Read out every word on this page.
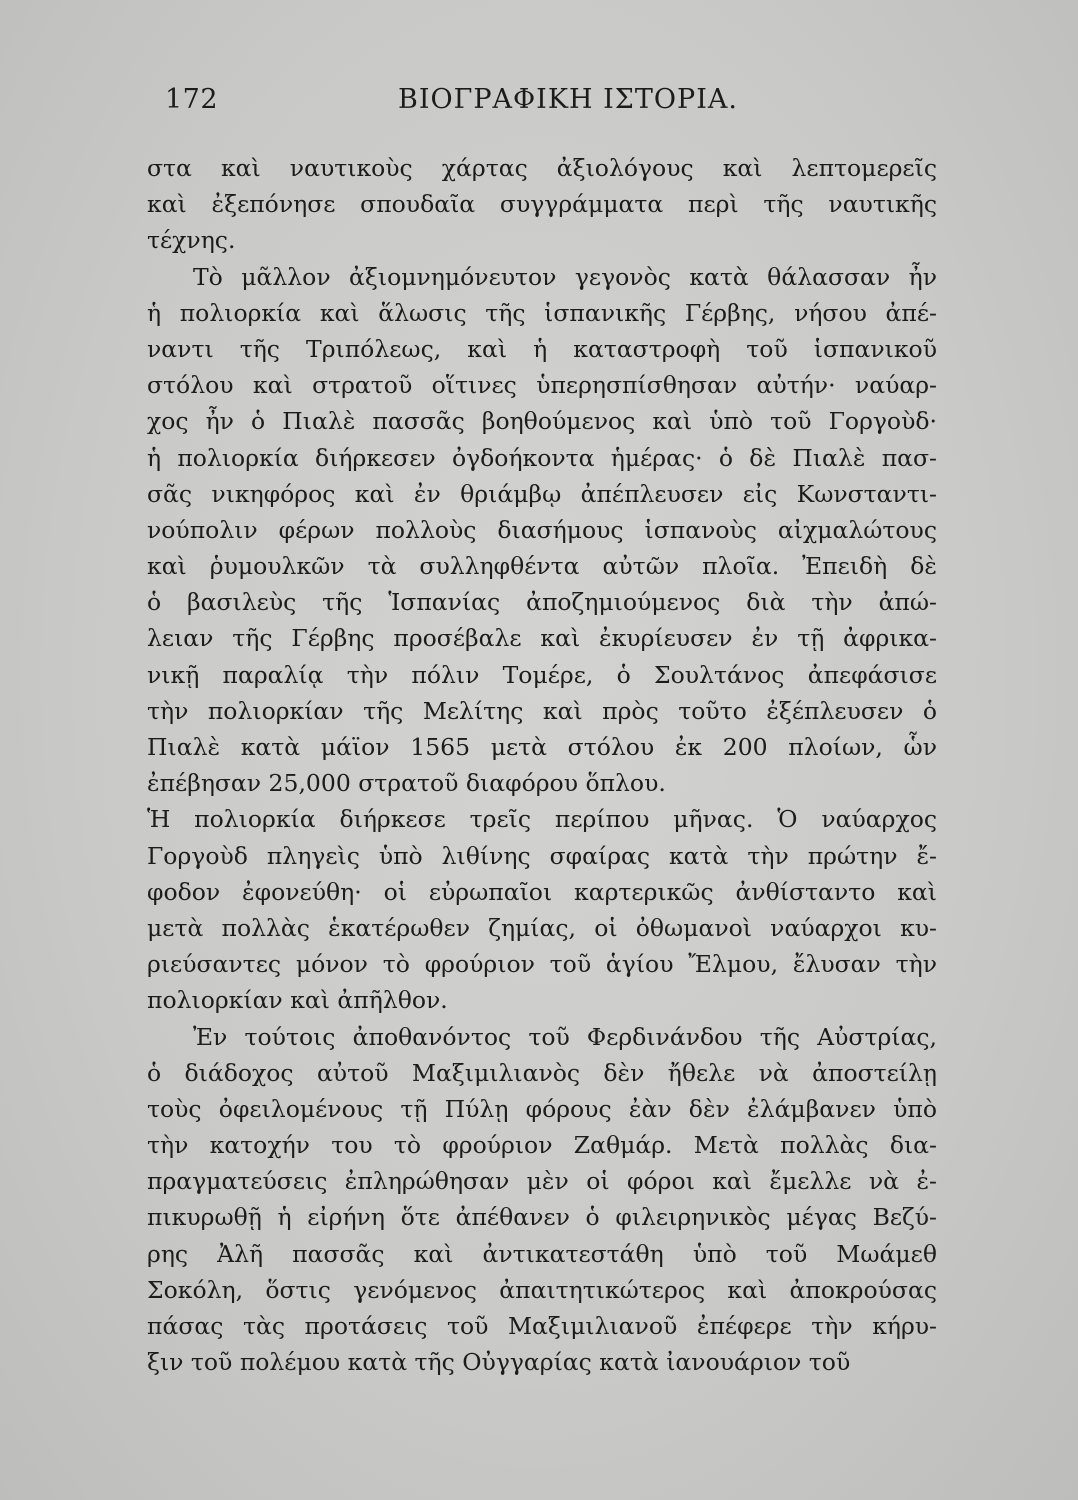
172	ΒΙΟΓΡΑΦΙΚΗ ΙΣΤΟΡΙΑ.
στα καὶ ναυτικοὺς χάρτας ἀξιολόγους καὶ λεπτομερεῖς
καὶ ἐξεπόνησε σπουδαῖα συγγράμματα περὶ τῆς ναυτικῆς
τέχνης.
Τὸ μᾶλλον ἀξιομνημόνευτον γεγονὸς κατὰ θάλασσαν ἦν
ἡ πολιορκία καὶ ἅλωσις τῆς ἱσπανικῆς Γέρβης, νήσου ἀπέ-
ναντι τῆς Τριπόλεως, καὶ ἡ καταστροφὴ τοῦ ἱσπανικοῦ
στόλου καὶ στρατοῦ οἵτινες ὑπερησπίσθησαν αὐτήν· ναύαρ-
χος ἦν ὁ Πιαλὲ πασσᾶς βοηθούμενος καὶ ὑπὸ τοῦ Γοργοὺδ·
ἡ πολιορκία διήρκεσεν ὀγδοήκοντα ἡμέρας· ὁ δὲ Πιαλὲ πασ-
σᾶς νικηφόρος καὶ ἐν θριάμβῳ ἀπέπλευσεν εἰς Κωνσταντι-
νούπολιν φέρων πολλοὺς διασήμους ἱσπανοὺς αἰχμαλώτους
καὶ ῥυμουλκῶν τὰ συλληφθέντα αὐτῶν πλοῖα. Ἐπειδὴ δὲ
ὁ βασιλεὺς τῆς Ἱσπανίας ἀποζημιούμενος διὰ τὴν ἀπώ-
λειαν τῆς Γέρβης προσέβαλε καὶ ἐκυρίευσεν ἐν τῇ ἀφρικα-
νικῇ παραλίᾳ τὴν πόλιν Τομέρε, ὁ Σουλτάνος ἀπεφάσισε
τὴν πολιορκίαν τῆς Μελίτης καὶ πρὸς τοῦτο ἐξέπλευσεν ὁ
Πιαλὲ κατὰ μάϊον 1565 μετὰ στόλου ἐκ 200 πλοίων, ὧν
ἐπέβησαν 25,000 στρατοῦ διαφόρου ὅπλου.
Ἡ πολιορκία διήρκεσε τρεῖς περίπου μῆνας. Ὁ ναύαρχος
Γοργοὺδ πληγεὶς ὑπὸ λιθίνης σφαίρας κατὰ τὴν πρώτην ἔ-
φοδον ἐφονεύθη· οἱ εὐρωπαῖοι καρτερικῶς ἀνθίσταντο καὶ
μετὰ πολλὰς ἑκατέρωθεν ζημίας, οἱ ὀθωμανοὶ ναύαρχοι κυ-
ριεύσαντες μόνον τὸ φρούριον τοῦ ἁγίου Ἔλμου, ἔλυσαν τὴν
πολιορκίαν καὶ ἀπῆλθον.
Ἐν τούτοις ἀποθανόντος τοῦ Φερδινάνδου τῆς Αὐστρίας,
ὁ διάδοχος αὐτοῦ Μαξιμιλιανὸς δὲν ἤθελε νὰ ἀποστείλῃ
τοὺς ὀφειλομένους τῇ Πύλῃ φόρους ἐὰν δὲν ἐλάμβανεν ὑπὸ
τὴν κατοχήν του τὸ φρούριον Ζαθμάρ. Μετὰ πολλὰς δια-
πραγματεύσεις ἐπληρώθησαν μὲν οἱ φόροι καὶ ἔμελλε νὰ ἐ-
πικυρωθῇ ἡ εἰρήνη ὅτε ἀπέθανεν ὁ φιλειρηνικὸς μέγας Βεζύ-
ρης Ἀλῆ πασσᾶς καὶ ἀντικατεστάθη ὑπὸ τοῦ Μωάμεθ
Σοκόλη, ὅστις γενόμενος ἀπαιτητικώτερος καὶ ἀποκρούσας
πάσας τὰς προτάσεις τοῦ Μαξιμιλιανοῦ ἐπέφερε τὴν κήρυ-
ξιν τοῦ πολέμου κατὰ τῆς Οὐγγαρίας κατὰ ἰανουάριον τοῦ
